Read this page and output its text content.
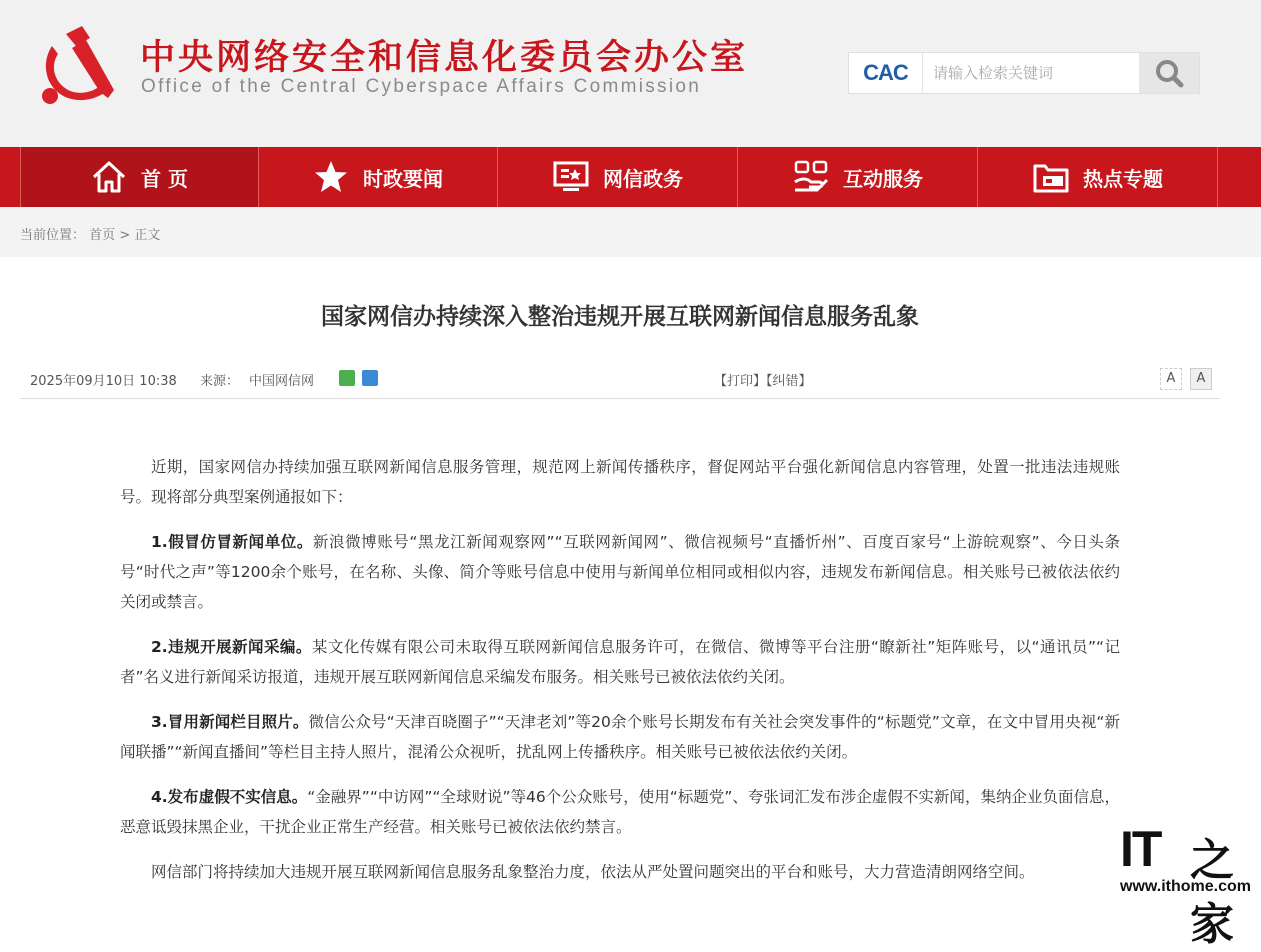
中央网络安全和信息化委员会办公室
Office of the Central Cyberspace Affairs Commission
CAC
请输入检索关键词
首 页	时政要闻	网信政务	互动服务	热点专题
当前位置： 首页 > 正文
国家网信办持续深入整治违规开展互联网新闻信息服务乱象
2025年09月10日 10:38 来源： 中国网信网	【打印】【纠错】	A	A

近期，国家网信办持续加强互联网新闻信息服务管理，规范网上新闻传播秩序，督促网站平台强化新闻信息内容管理，处置一批违法违规账号。现将部分典型案例通报如下：

1.假冒仿冒新闻单位。新浪微博账号“黑龙江新闻观察网”“互联网新闻网”、微信视频号“直播忻州”、百度百家号“上游皖观察”、今日头条号“时代之声”等1200余个账号，在名称、头像、简介等账号信息中使用与新闻单位相同或相似内容，违规发布新闻信息。相关账号已被依法依约关闭或禁言。

2.违规开展新闻采编。某文化传媒有限公司未取得互联网新闻信息服务许可，在微信、微博等平台注册“瞭新社”矩阵账号，以“通讯员”“记者”名义进行新闻采访报道，违规开展互联网新闻信息采编发布服务。相关账号已被依法依约关闭。

3.冒用新闻栏目照片。微信公众号“天津百晓圈子”“天津老刘”等20余个账号长期发布有关社会突发事件的“标题党”文章，在文中冒用央视“新闻联播”“新闻直播间”等栏目主持人照片，混淆公众视听，扰乱网上传播秩序。相关账号已被依法依约关闭。

4.发布虚假不实信息。“金融界”“中访网”“全球财说”等46个公众账号，使用“标题党”、夸张词汇发布涉企虚假不实新闻，集纳企业负面信息，恶意诋毁抹黑企业，干扰企业正常生产经营。相关账号已被依法依约禁言。

网信部门将持续加大违规开展互联网新闻信息服务乱象整治力度，依法从严处置问题突出的平台和账号，大力营造清朗网络空间。	IT 之家
www.ithome.com
